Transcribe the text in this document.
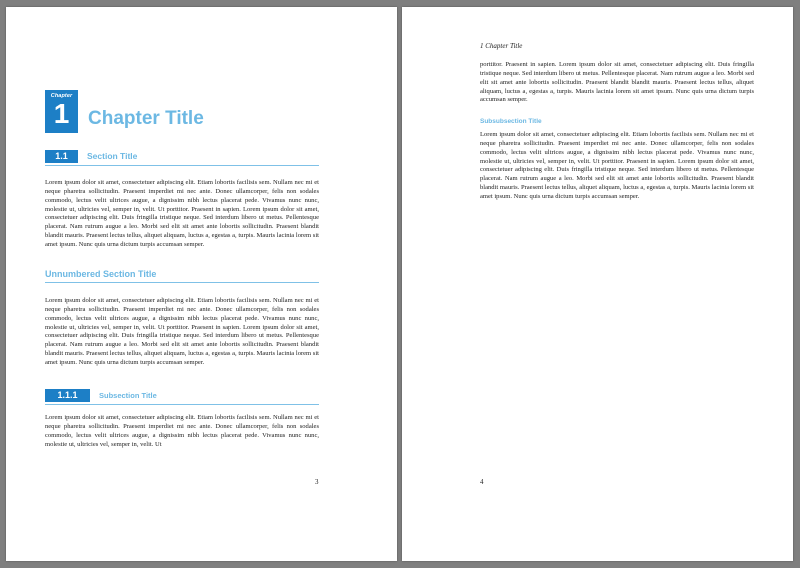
Chapter
1 Chapter Title
1.1	Section Title

Lorem ipsum dolor sit amet, consectetuer adipiscing elit. Etiam lobortis facilisis sem. Nullam nec mi et neque pharetra sollicitudin. Praesent imperdiet mi nec ante. Donec ullamcorper, felis non sodales commodo, lectus velit ultrices augue, a dignissim nibh lectus placerat pede. Vivamus nunc nunc, molestie ut, ultricies vel, semper in, velit. Ut porttitor. Praesent in sapien. Lorem ipsum dolor sit amet, consectetuer adipiscing elit. Duis fringilla tristique neque. Sed interdum libero ut metus. Pellentesque placerat. Nam rutrum augue a leo. Morbi sed elit sit amet ante lobortis sollicitudin. Praesent blandit blandit mauris. Praesent lectus tellus, aliquet aliquam, luctus a, egestas a, turpis. Mauris lacinia lorem sit amet ipsum. Nunc quis urna dictum turpis accumsan semper.

Unnumbered Section Title

Lorem ipsum dolor sit amet, consectetuer adipiscing elit. Etiam lobortis facilisis sem. Nullam nec mi et neque pharetra sollicitudin. Praesent imperdiet mi nec ante. Donec ullamcorper, felis non sodales commodo, lectus velit ultrices augue, a dignissim nibh lectus placerat pede. Vivamus nunc nunc, molestie ut, ultricies vel, semper in, velit. Ut porttitor. Praesent in sapien. Lorem ipsum dolor sit amet, consectetuer adipiscing elit. Duis fringilla tristique neque. Sed interdum libero ut metus. Pellentesque placerat. Nam rutrum augue a leo. Morbi sed elit sit amet ante lobortis sollicitudin. Praesent blandit blandit mauris. Praesent lectus tellus, aliquet aliquam, luctus a, egestas a, turpis. Mauris lacinia lorem sit amet ipsum. Nunc quis urna dictum turpis accumsan semper.

1.1.1	Subsection Title

Lorem ipsum dolor sit amet, consectetuer adipiscing elit. Etiam lobortis facilisis sem. Nullam nec mi et neque pharetra sollicitudin. Praesent imperdiet mi nec ante. Donec ullamcorper, felis non sodales commodo, lectus velit ultrices augue, a dignissim nibh lectus placerat pede. Vivamus nunc nunc, molestie ut, ultricies vel, semper in, velit. Ut

3
1 Chapter Title

porttitor. Praesent in sapien. Lorem ipsum dolor sit amet, consectetuer adipiscing elit. Duis fringilla tristique neque. Sed interdum libero ut metus. Pellentesque placerat. Nam rutrum augue a leo. Morbi sed elit sit amet ante lobortis sollicitudin. Praesent blandit blandit mauris. Praesent lectus tellus, aliquet aliquam, luctus a, egestas a, turpis. Mauris lacinia lorem sit amet ipsum. Nunc quis urna dictum turpis accumsan semper.

Subsubsection Title

Lorem ipsum dolor sit amet, consectetuer adipiscing elit. Etiam lobortis facilisis sem. Nullam nec mi et neque pharetra sollicitudin. Praesent imperdiet mi nec ante. Donec ullamcorper, felis non sodales commodo, lectus velit ultrices augue, a dignissim nibh lectus placerat pede. Vivamus nunc nunc, molestie ut, ultricies vel, semper in, velit. Ut porttitor. Praesent in sapien. Lorem ipsum dolor sit amet, consectetuer adipiscing elit. Duis fringilla tristique neque. Sed interdum libero ut metus. Pellentesque placerat. Nam rutrum augue a leo. Morbi sed elit sit amet ante lobortis sollicitudin. Praesent blandit blandit mauris. Praesent lectus tellus, aliquet aliquam, luctus a, egestas a, turpis. Mauris lacinia lorem sit amet ipsum. Nunc quis urna dictum turpis accumsan semper.

4
